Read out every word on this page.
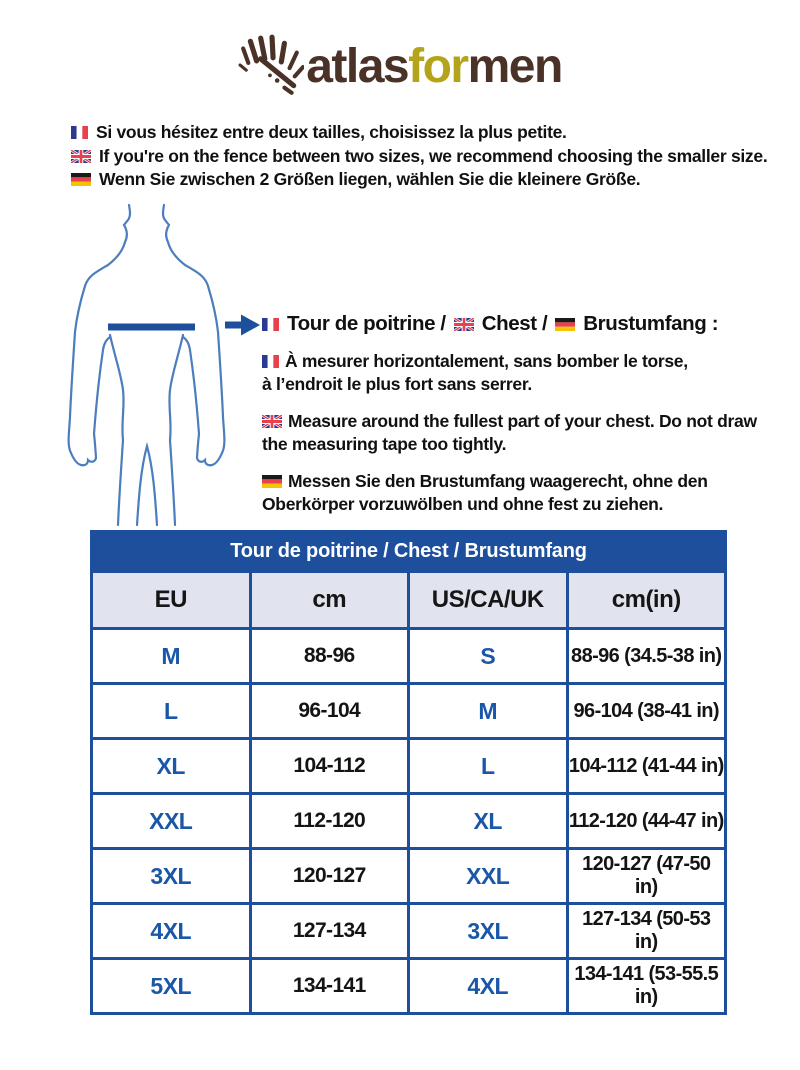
atlasformen
Si vous hésitez entre deux tailles, choisissez la plus petite.
If you're on the fence between two sizes, we recommend choosing the smaller size.
Wenn Sie zwischen 2 Größen liegen, wählen Sie die kleinere Größe.
Tour de poitrine / Chest / Brustumfang :

À mesurer horizontalement, sans bomber le torse,
à l’endroit le plus fort sans serrer.

Measure around the fullest part of your chest. Do not draw
the measuring tape too tightly.

Messen Sie den Brustumfang waagerecht, ohne den
Oberkörper vorzuwölben und ohne fest zu ziehen.

Tour de poitrine / Chest / Brustumfang			
EU	cm	US/CA/UK	cm(in)
M	88-96	S	88-96 (34.5-38 in)
L	96-104	M	96-104 (38-41 in)
XL	104-112	L	104-112 (41-44 in)
XXL	112-120	XL	112-120 (44-47 in)
3XL	120-127	XXL	120-127 (47-50 in)
4XL	127-134	3XL	127-134 (50-53 in)
5XL	134-141	4XL	134-141 (53-55.5 in)
